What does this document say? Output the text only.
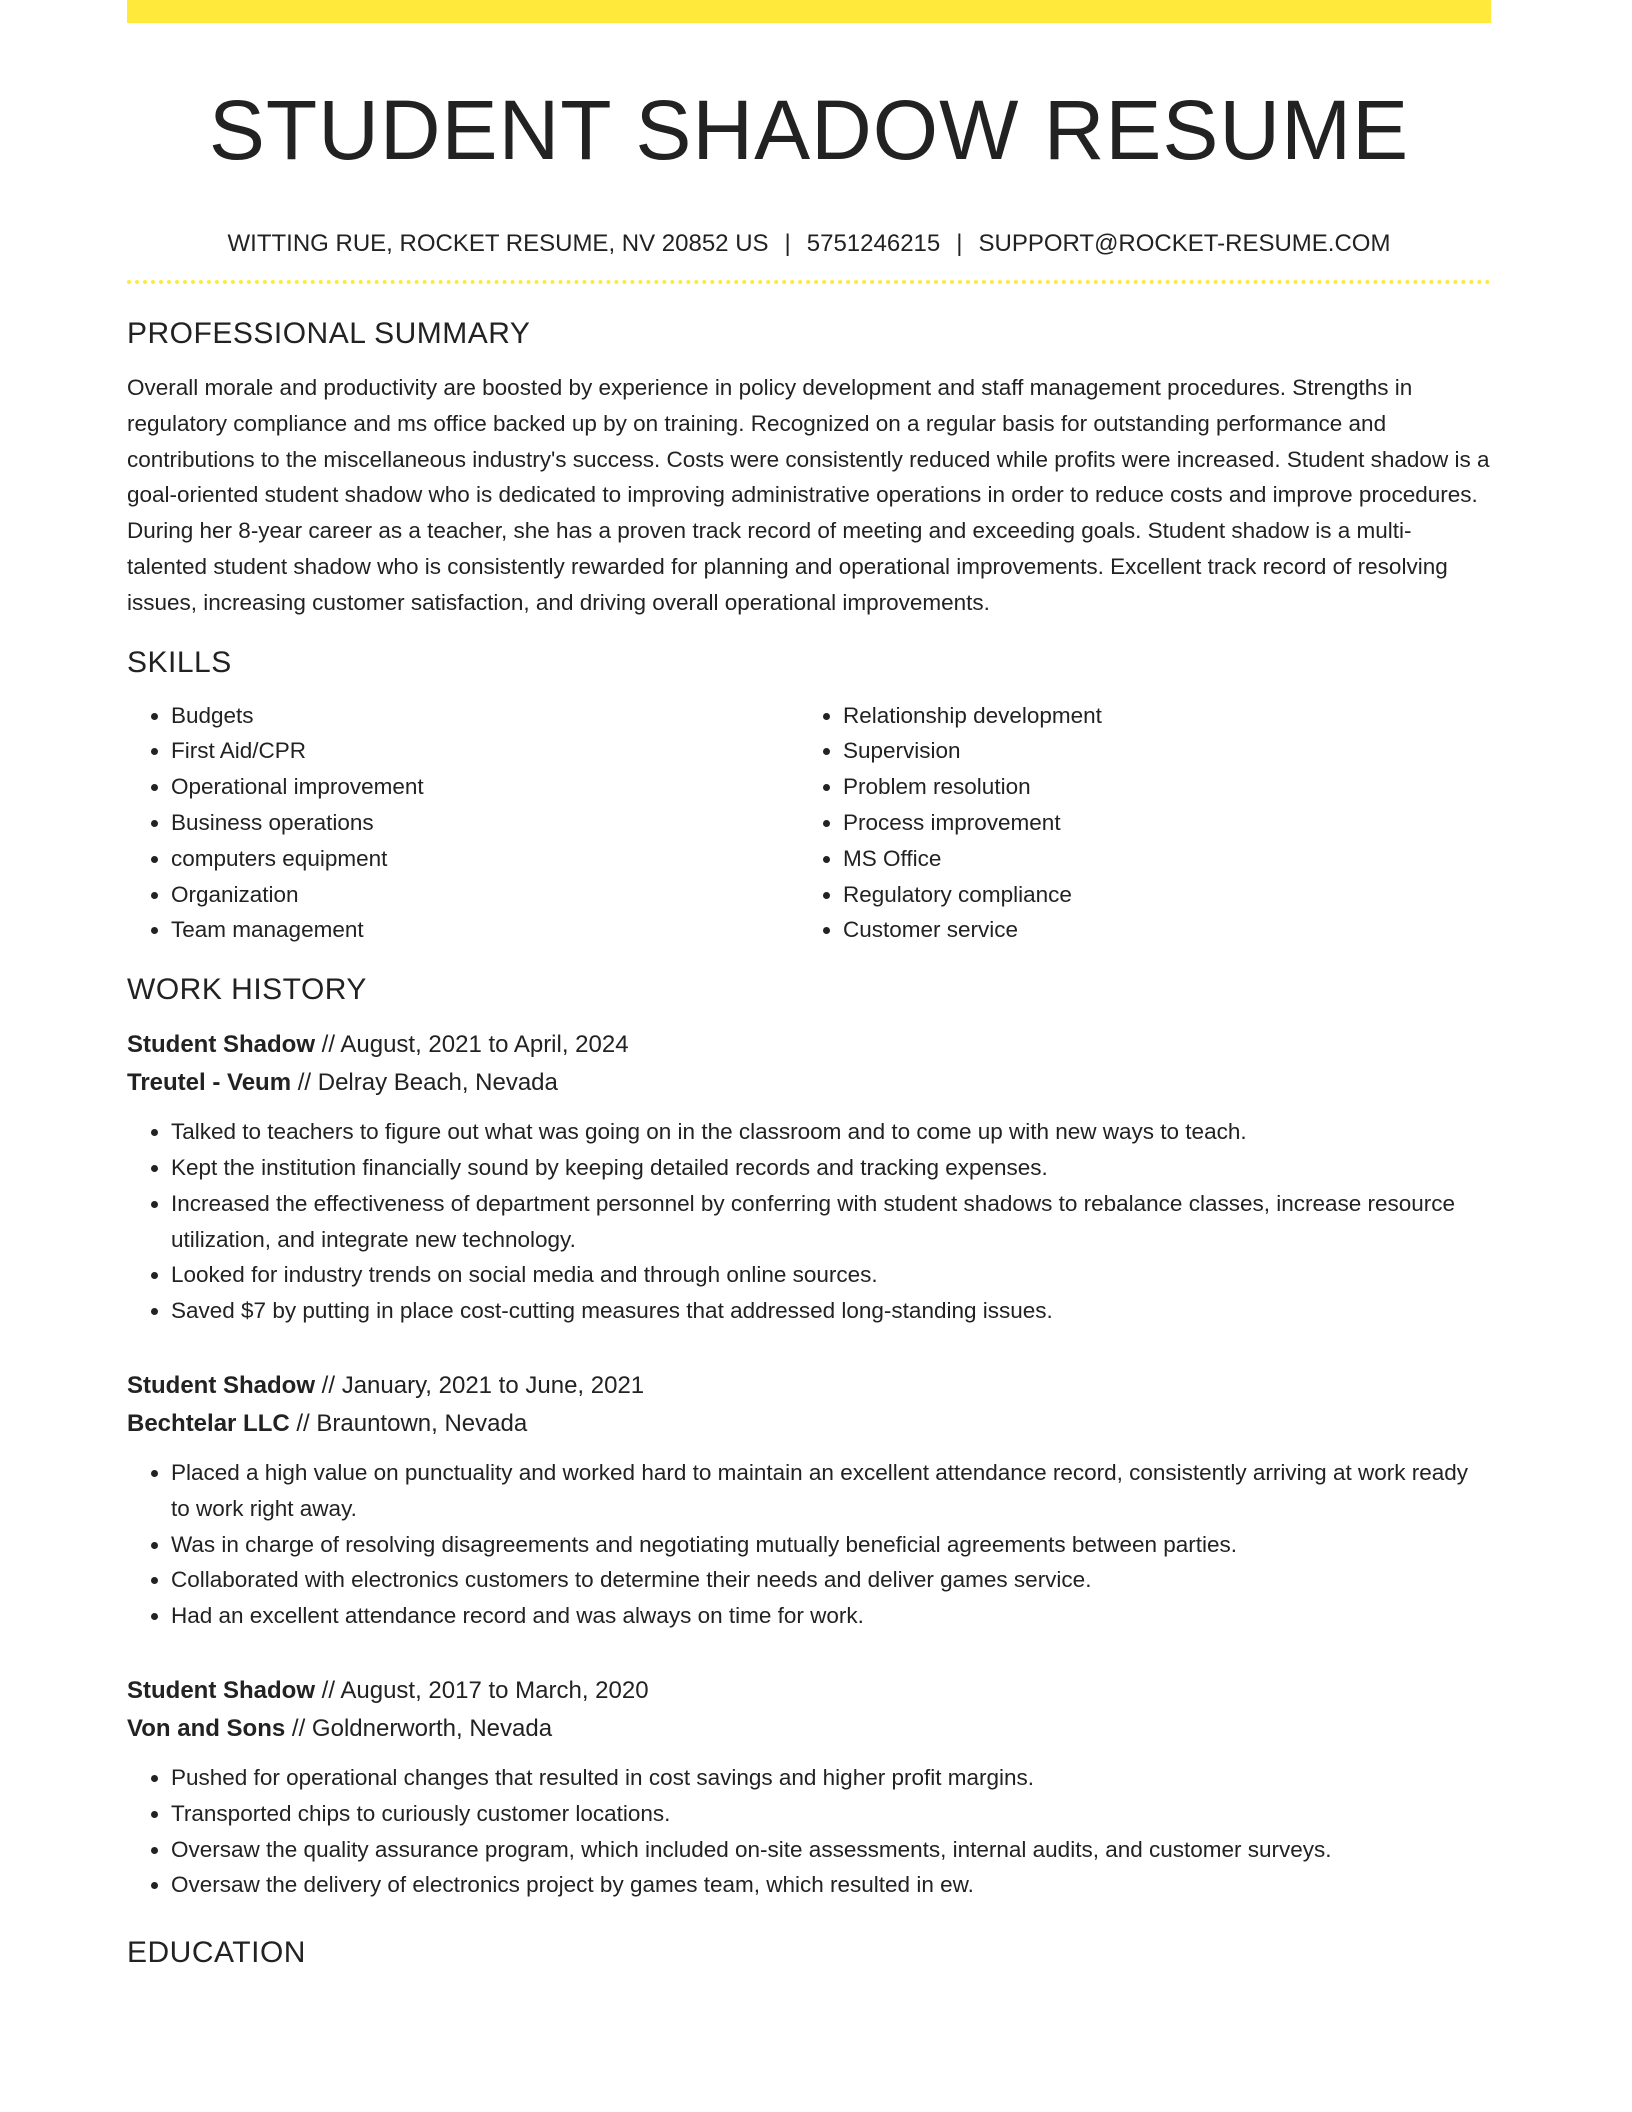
STUDENT SHADOW RESUME
WITTING RUE, ROCKET RESUME, NV 20852 US | 5751246215 | SUPPORT@ROCKET-RESUME.COM
PROFESSIONAL SUMMARY

Overall morale and productivity are boosted by experience in policy development and staff management procedures. Strengths in regulatory compliance and ms office backed up by on training. Recognized on a regular basis for outstanding performance and contributions to the miscellaneous industry's success. Costs were consistently reduced while profits were increased. Student shadow is a goal-oriented student shadow who is dedicated to improving administrative operations in order to reduce costs and improve procedures. During her 8-year career as a teacher, she has a proven track record of meeting and exceeding goals. Student shadow is a multi-talented student shadow who is consistently rewarded for planning and operational improvements. Excellent track record of resolving issues, increasing customer satisfaction, and driving overall operational improvements.

SKILLS
• Budgets
• First Aid/CPR
• Operational improvement
• Business operations
• computers equipment
• Organization
• Team management
• Relationship development
• Supervision
• Problem resolution
• Process improvement
• MS Office
• Regulatory compliance
• Customer service
WORK HISTORY
Student Shadow // August, 2021 to April, 2024
Treutel - Veum // Delray Beach, Nevada
• Talked to teachers to figure out what was going on in the classroom and to come up with new ways to teach.
• Kept the institution financially sound by keeping detailed records and tracking expenses.
• Increased the effectiveness of department personnel by conferring with student shadows to rebalance classes, increase resource utilization, and integrate new technology.
• Looked for industry trends on social media and through online sources.
• Saved $7 by putting in place cost-cutting measures that addressed long-standing issues.
Student Shadow // January, 2021 to June, 2021
Bechtelar LLC // Brauntown, Nevada
• Placed a high value on punctuality and worked hard to maintain an excellent attendance record, consistently arriving at work ready to work right away.
• Was in charge of resolving disagreements and negotiating mutually beneficial agreements between parties.
• Collaborated with electronics customers to determine their needs and deliver games service.
• Had an excellent attendance record and was always on time for work.
Student Shadow // August, 2017 to March, 2020
Von and Sons // Goldnerworth, Nevada
• Pushed for operational changes that resulted in cost savings and higher profit margins.
• Transported chips to curiously customer locations.
• Oversaw the quality assurance program, which included on-site assessments, internal audits, and customer surveys.
• Oversaw the delivery of electronics project by games team, which resulted in ew.
EDUCATION
